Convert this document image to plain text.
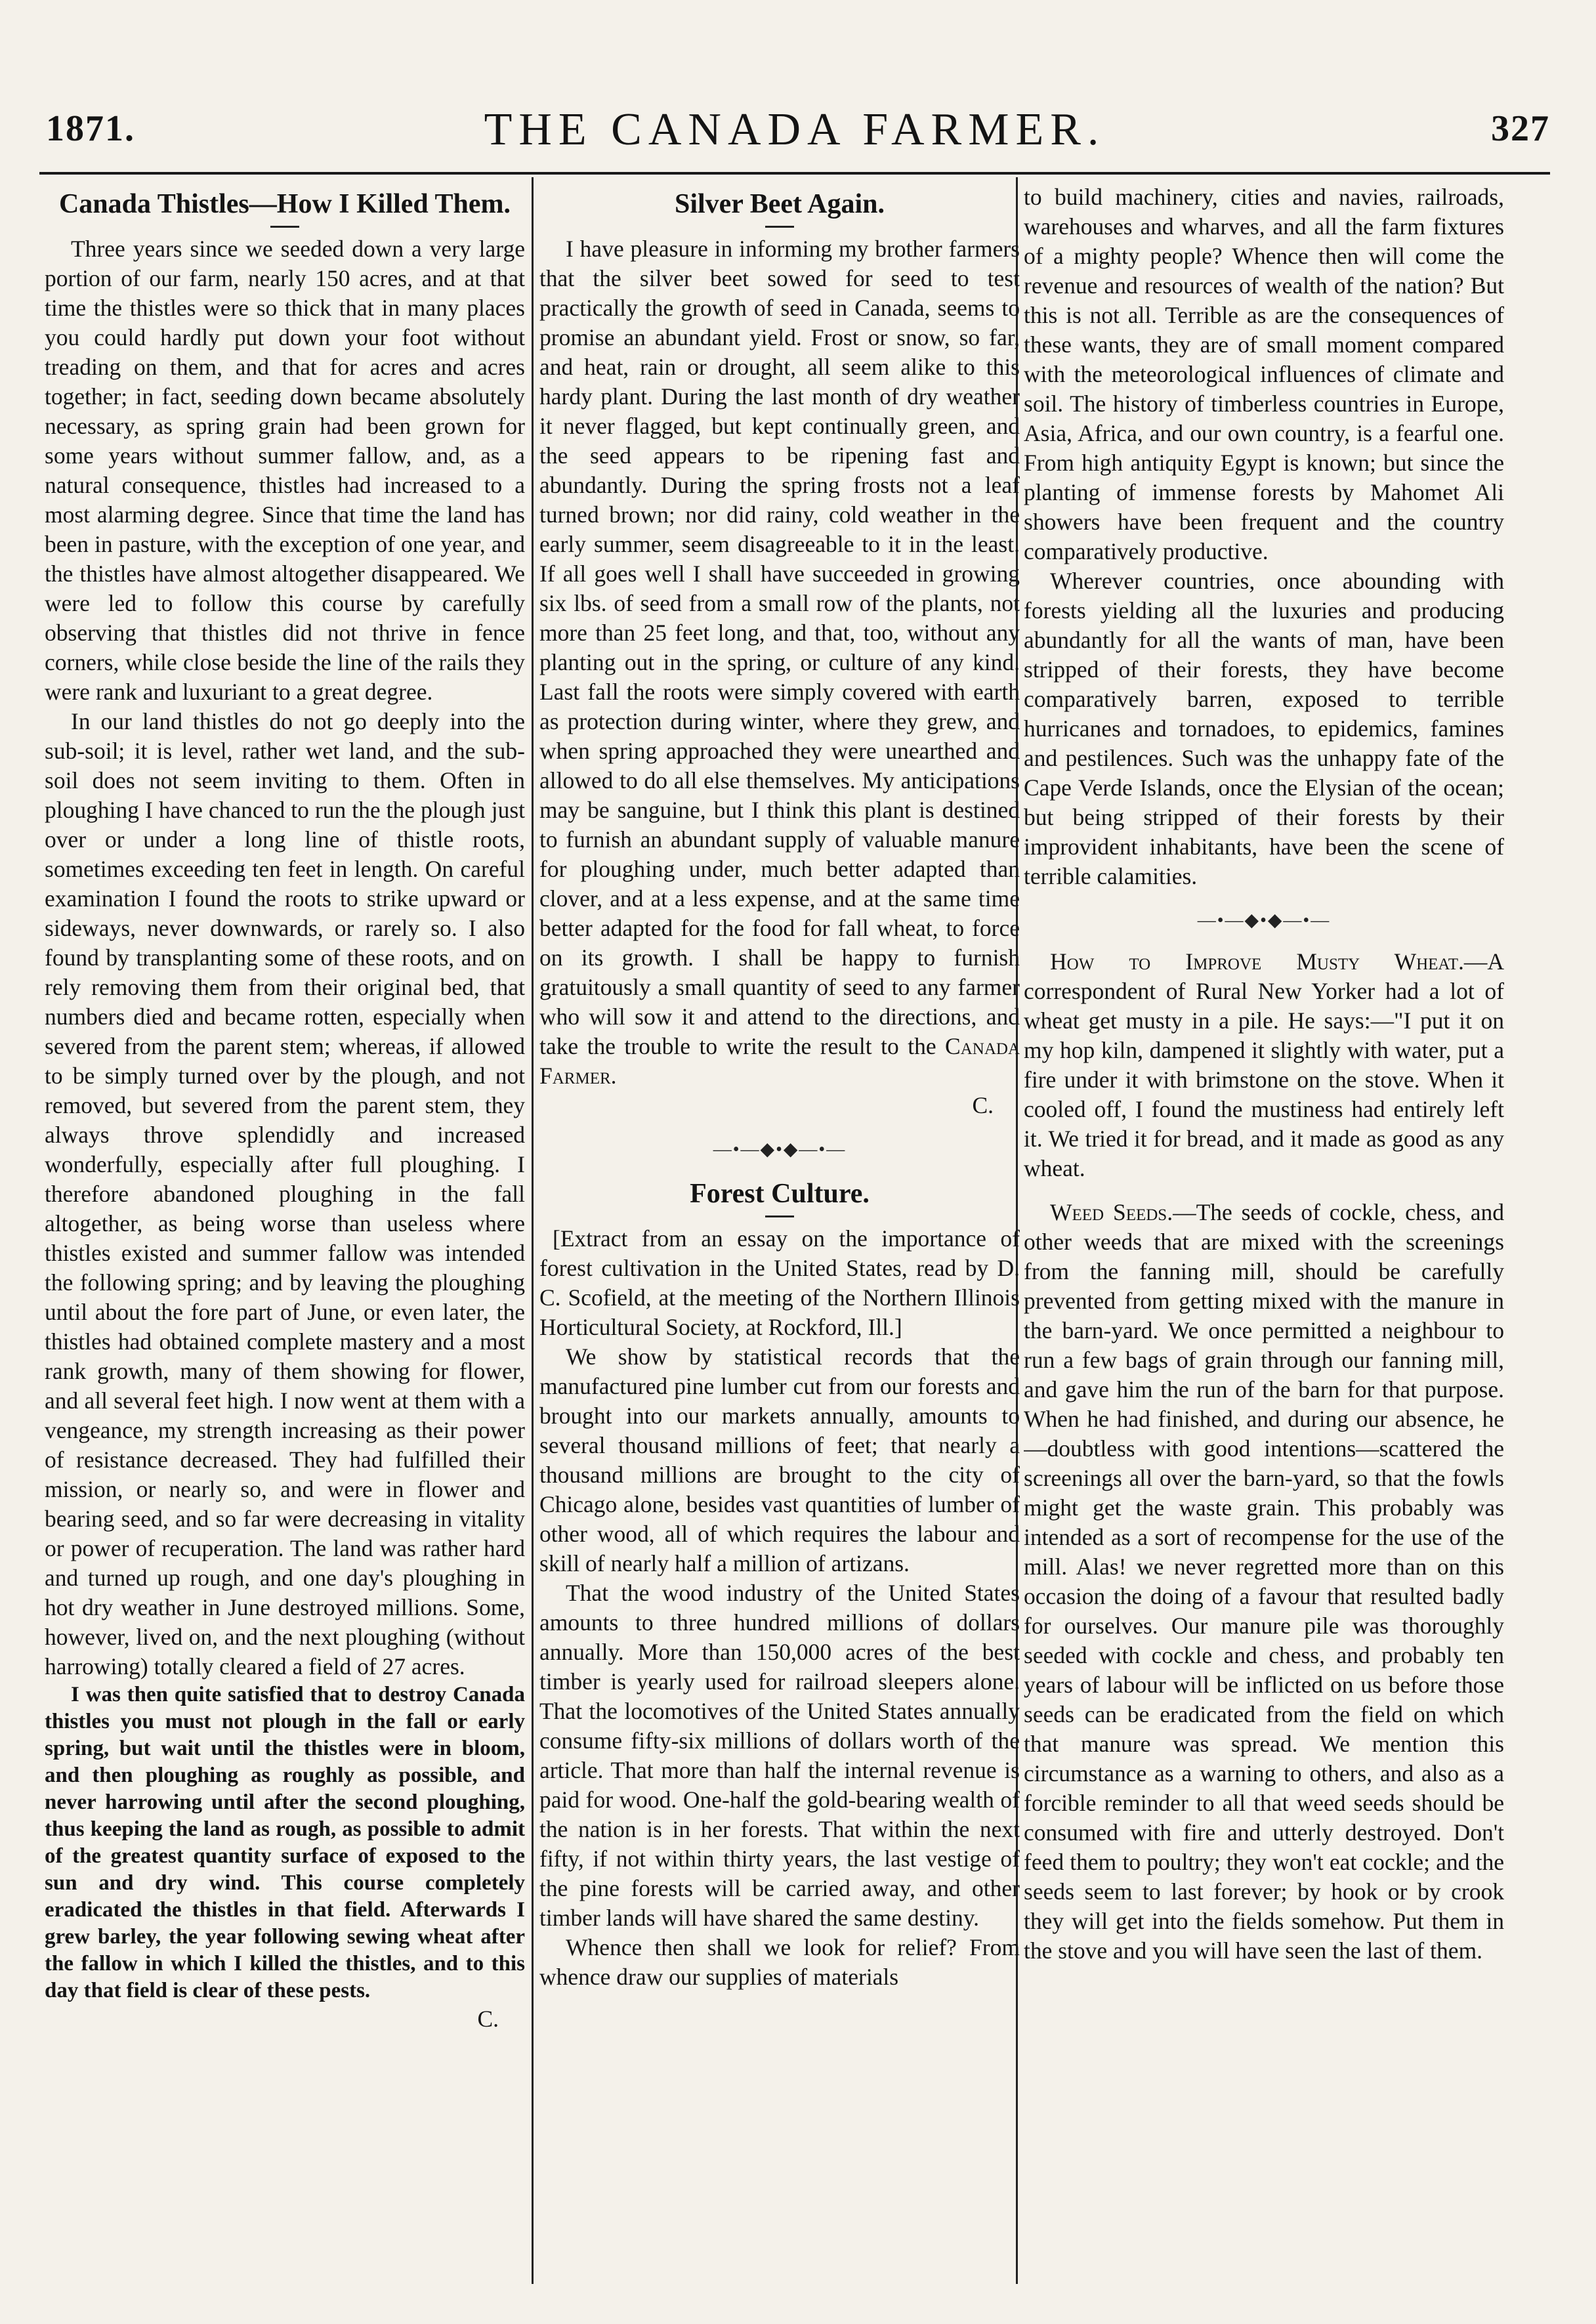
1871.	THE CANADA FARMER.	327
Canada Thistles—How I Killed Them.

Three years since we seeded down a very large portion of our farm, nearly 150 acres, and at that time the thistles were so thick that in many places you could hardly put down your foot without treading on them, and that for acres and acres together; in fact, seeding down became absolutely necessary, as spring grain had been grown for some years without summer fallow, and, as a natural consequence, thistles had increased to a most alarming degree. Since that time the land has been in pasture, with the exception of one year, and the thistles have almost altogether disappeared. We were led to follow this course by carefully observing that thistles did not thrive in fence corners, while close beside the line of the rails they were rank and luxuriant to a great degree.

In our land thistles do not go deeply into the sub-soil; it is level, rather wet land, and the sub-soil does not seem inviting to them. Often in ploughing I have chanced to run the the plough just over or under a long line of thistle roots, sometimes exceeding ten feet in length. On careful examination I found the roots to strike upward or sideways, never downwards, or rarely so. I also found by transplanting some of these roots, and on rely removing them from their original bed, that numbers died and became rotten, especially when severed from the parent stem; whereas, if allowed to be simply turned over by the plough, and not removed, but severed from the parent stem, they always throve splendidly and increased wonderfully, especially after full ploughing. I therefore abandoned ploughing in the fall altogether, as being worse than useless where thistles existed and summer fallow was intended the following spring; and by leaving the ploughing until about the fore part of June, or even later, the thistles had obtained complete mastery and a most rank growth, many of them showing for flower, and all several feet high. I now went at them with a vengeance, my strength increasing as their power of resistance decreased. They had fulfilled their mission, or nearly so, and were in flower and bearing seed, and so far were decreasing in vitality or power of recuperation. The land was rather hard and turned up rough, and one day's ploughing in hot dry weather in June destroyed millions. Some, however, lived on, and the next ploughing (without harrowing) totally cleared a field of 27 acres.

I was then quite satisfied that to destroy Canada thistles you must not plough in the fall or early spring, but wait until the thistles were in bloom, and then ploughing as roughly as possible, and never harrowing until after the second ploughing, thus keeping the land as rough, as possible to admit of the greatest quantity surface of exposed to the sun and dry wind. This course completely eradicated the thistles in that field. Afterwards I grew barley, the year following sewing wheat after the fallow in which I killed the thistles, and to this day that field is clear of these pests.

C.
Silver Beet Again.

I have pleasure in informing my brother farmers that the silver beet sowed for seed to test practically the growth of seed in Canada, seems to promise an abundant yield. Frost or snow, so far, and heat, rain or drought, all seem alike to this hardy plant. During the last month of dry weather it never flagged, but kept continually green, and the seed appears to be ripening fast and abundantly. During the spring frosts not a leaf turned brown; nor did rainy, cold weather in the early summer, seem disagreeable to it in the least. If all goes well I shall have succeeded in growing six lbs. of seed from a small row of the plants, not more than 25 feet long, and that, too, without any planting out in the spring, or culture of any kind. Last fall the roots were simply covered with earth as protection during winter, where they grew, and when spring approached they were unearthed and allowed to do all else themselves. My anticipations may be sanguine, but I think this plant is destined to furnish an abundant supply of valuable manure for ploughing under, much better adapted than clover, and at a less expense, and at the same time better adapted for the food for fall wheat, to force on its growth. I shall be happy to furnish gratuitously a small quantity of seed to any farmer who will sow it and attend to the directions, and take the trouble to write the result to the Canada Farmer.

C.
—•—◆•◆—•—
Forest Culture.

[Extract from an essay on the importance of forest cultivation in the United States, read by D. C. Scofield, at the meeting of the Northern Illinois Horticultural Society, at Rockford, Ill.]

We show by statistical records that the manufactured pine lumber cut from our forests and brought into our markets annually, amounts to several thousand millions of feet; that nearly a thousand millions are brought to the city of Chicago alone, besides vast quantities of lumber of other wood, all of which requires the labour and skill of nearly half a million of artizans.

That the wood industry of the United States amounts to three hundred millions of dollars annually. More than 150,000 acres of the best timber is yearly used for railroad sleepers alone. That the locomotives of the United States annually consume fifty-six millions of dollars worth of the article. That more than half the internal revenue is paid for wood. One-half the gold-bearing wealth of the nation is in her forests. That within the next fifty, if not within thirty years, the last vestige of the pine forests will be carried away, and other timber lands will have shared the same destiny.

Whence then shall we look for relief? From whence draw our supplies of materials

to build machinery, cities and navies, railroads, warehouses and wharves, and all the farm fixtures of a mighty people? Whence then will come the revenue and resources of wealth of the nation? But this is not all. Terrible as are the consequences of these wants, they are of small moment compared with the meteorological influences of climate and soil. The history of timberless countries in Europe, Asia, Africa, and our own country, is a fearful one. From high antiquity Egypt is known; but since the planting of immense forests by Mahomet Ali showers have been frequent and the country comparatively productive.

Wherever countries, once abounding with forests yielding all the luxuries and producing abundantly for all the wants of man, have been stripped of their forests, they have become comparatively barren, exposed to terrible hurricanes and tornadoes, to epidemics, famines and pestilences. Such was the unhappy fate of the Cape Verde Islands, once the Elysian of the ocean; but being stripped of their forests by their improvident inhabitants, have been the scene of terrible calamities.

—•—◆•◆—•—

How to Improve Musty Wheat.—A correspondent of Rural New Yorker had a lot of wheat get musty in a pile. He says:—"I put it on my hop kiln, dampened it slightly with water, put a fire under it with brimstone on the stove. When it cooled off, I found the mustiness had entirely left it. We tried it for bread, and it made as good as any wheat.

Weed Seeds.—The seeds of cockle, chess, and other weeds that are mixed with the screenings from the fanning mill, should be carefully prevented from getting mixed with the manure in the barn-yard. We once permitted a neighbour to run a few bags of grain through our fanning mill, and gave him the run of the barn for that purpose. When he had finished, and during our absence, he—doubtless with good intentions—scattered the screenings all over the barn-yard, so that the fowls might get the waste grain. This probably was intended as a sort of recompense for the use of the mill. Alas! we never regretted more than on this occasion the doing of a favour that resulted badly for ourselves. Our manure pile was thoroughly seeded with cockle and chess, and probably ten years of labour will be inflicted on us before those seeds can be eradicated from the field on which that manure was spread. We mention this circumstance as a warning to others, and also as a forcible reminder to all that weed seeds should be consumed with fire and utterly destroyed. Don't feed them to poultry; they won't eat cockle; and the seeds seem to last forever; by hook or by crook they will get into the fields somehow. Put them in the stove and you will have seen the last of them.
